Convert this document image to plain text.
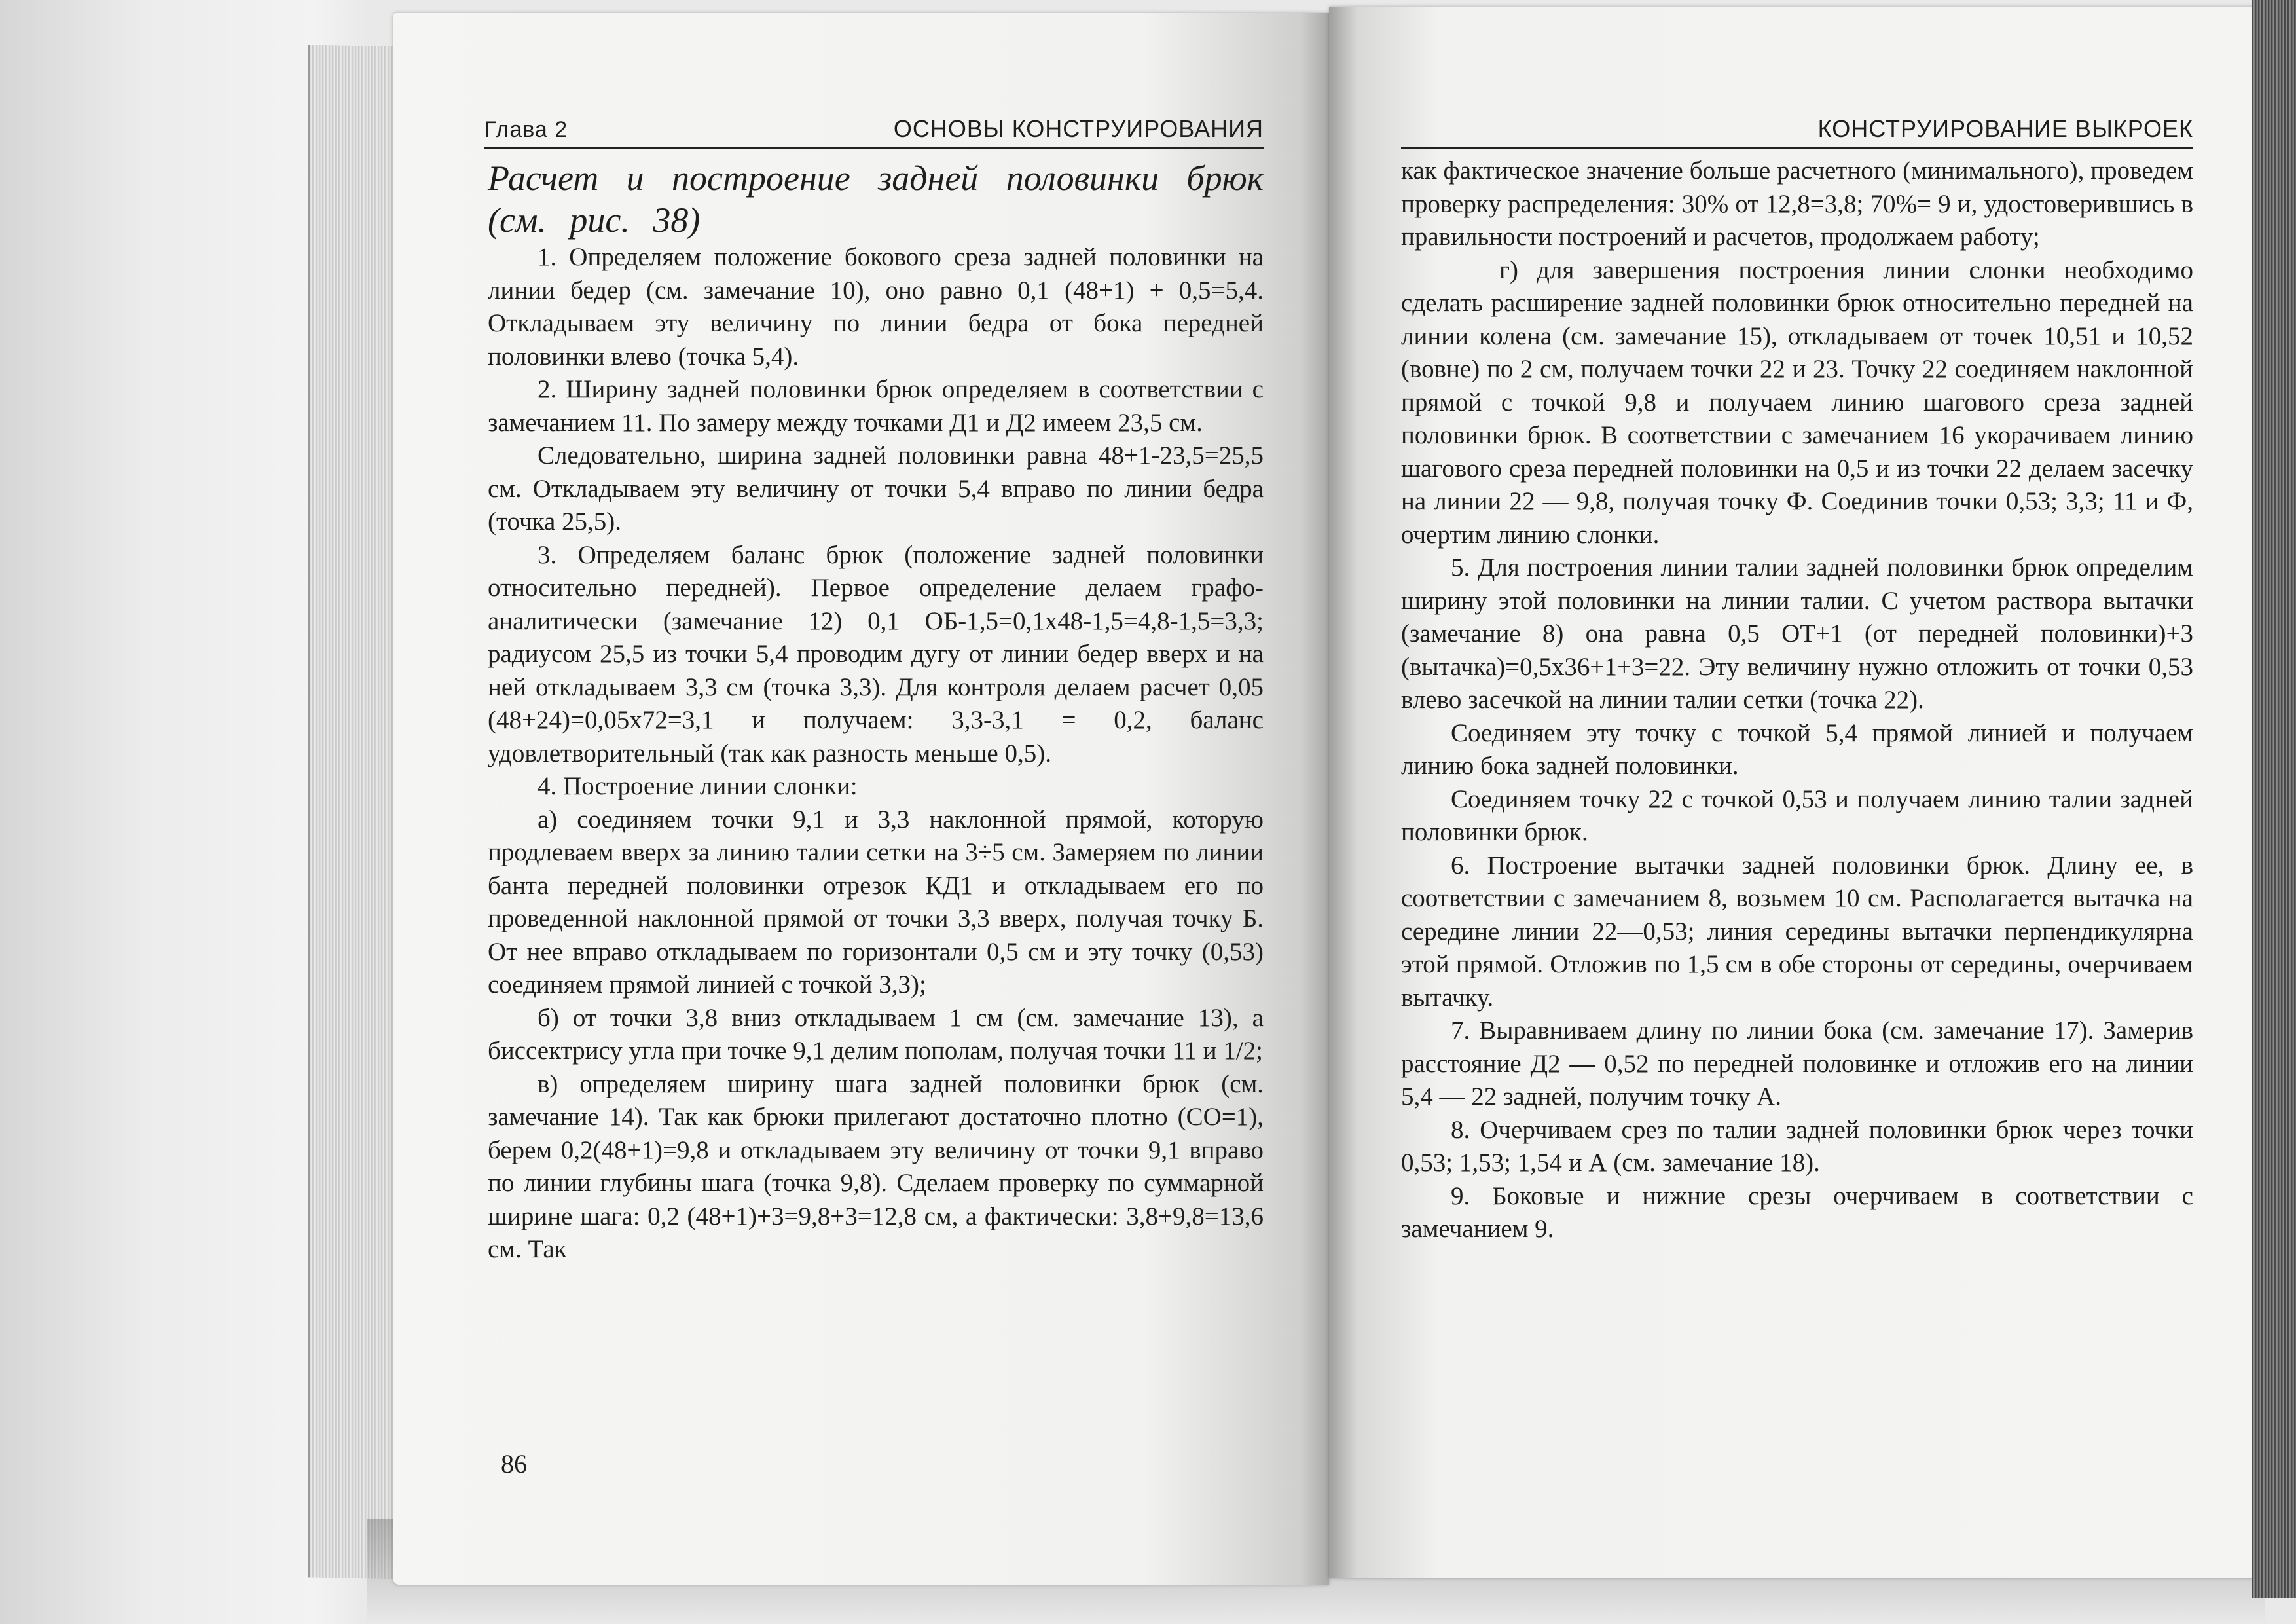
Глава 2	ОСНОВЫ КОНСТРУИРОВАНИЯ

Расчет и построение задней половинки брюк (см. рис. 38)

1. Определяем положение бокового среза задней половинки на линии бедер (см. замечание 10), оно равно 0,1 (48+1) + 0,5=5,4. Откладываем эту величину по линии бедра от бока передней половинки влево (точка 5,4).

2. Ширину задней половинки брюк определяем в соответствии с замечанием 11. По замеру между точками Д1 и Д2 имеем 23,5 см.

Следовательно, ширина задней половинки равна 48+1-23,5=25,5 см. Откладываем эту величину от точки 5,4 вправо по линии бедра (точка 25,5).

3. Определяем баланс брюк (положение задней половинки относительно передней). Первое определение делаем графо-аналитически (замечание 12) 0,1 ОБ-1,5=0,1х48-1,5=4,8-1,5=3,3; радиусом 25,5 из точки 5,4 проводим дугу от линии бедер вверх и на ней откладываем 3,3 см (точка 3,3). Для контроля делаем расчет 0,05 (48+24)=0,05х72=3,1 и получаем: 3,3-3,1 = 0,2, баланс удовлетворительный (так как разность меньше 0,5).

4. Построение линии слонки:

а) соединяем точки 9,1 и 3,3 наклонной прямой, которую продлеваем вверх за линию талии сетки на 3÷5 см. Замеряем по линии банта передней половинки отрезок КД1 и откладываем его по проведенной наклонной прямой от точки 3,3 вверх, получая точку Б. От нее вправо откладываем по горизонтали 0,5 см и эту точку (0,53) соединяем прямой линией с точкой 3,3);

б) от точки 3,8 вниз откладываем 1 см (см. замечание 13), а биссектрису угла при точке 9,1 делим пополам, получая точки 11 и 1/2;

в) определяем ширину шага задней половинки брюк (см. замечание 14). Так как брюки прилегают достаточно плотно (СО=1), берем 0,2(48+1)=9,8 и откладываем эту величину от точки 9,1 вправо по линии глубины шага (точка 9,8). Сделаем проверку по суммарной ширине шага: 0,2 (48+1)+3=9,8+3=12,8 см, а фактически: 3,8+9,8=13,6 см. Так

86
КОНСТРУИРОВАНИЕ ВЫКРОЕК

как фактическое значение больше расчетного (минимального), проведем проверку распределения: 30% от 12,8=3,8; 70%= 9 и, удостоверившись в правильности построений и расчетов, продолжаем работу;

г) для завершения построения линии слонки необходимо сделать расширение задней половинки брюк относительно передней на линии колена (см. замечание 15), откладываем от точек 10,51 и 10,52 (вовне) по 2 см, получаем точки 22 и 23. Точку 22 соединяем наклонной прямой с точкой 9,8 и получаем линию шагового среза задней половинки брюк. В соответствии с замечанием 16 укорачиваем линию шагового среза передней половинки на 0,5 и из точки 22 делаем засечку на линии 22 — 9,8, получая точку Ф. Соединив точки 0,53; 3,3; 11 и Ф, очертим линию слонки.

5. Для построения линии талии задней половинки брюк определим ширину этой половинки на линии талии. С учетом раствора вытачки (замечание 8) она равна 0,5 ОТ+1 (от передней половинки)+3 (вытачка)=0,5х36+1+3=22. Эту величину нужно отложить от точки 0,53 влево засечкой на линии талии сетки (точка 22).

Соединяем эту точку с точкой 5,4 прямой линией и получаем линию бока задней половинки.

Соединяем точку 22 с точкой 0,53 и получаем линию талии задней половинки брюк.

6. Построение вытачки задней половинки брюк. Длину ее, в соответствии с замечанием 8, возьмем 10 см. Располагается вытачка на середине линии 22—0,53; линия середины вытачки перпендикулярна этой прямой. Отложив по 1,5 см в обе стороны от середины, очерчиваем вытачку.

7. Выравниваем длину по линии бока (см. замечание 17). Замерив расстояние Д2 — 0,52 по передней половинке и отложив его на линии 5,4 — 22 задней, получим точку А.

8. Очерчиваем срез по талии задней половинки брюк через точки 0,53; 1,53; 1,54 и А (см. замечание 18).

9. Боковые и нижние срезы очерчиваем в соответствии с замечанием 9.
